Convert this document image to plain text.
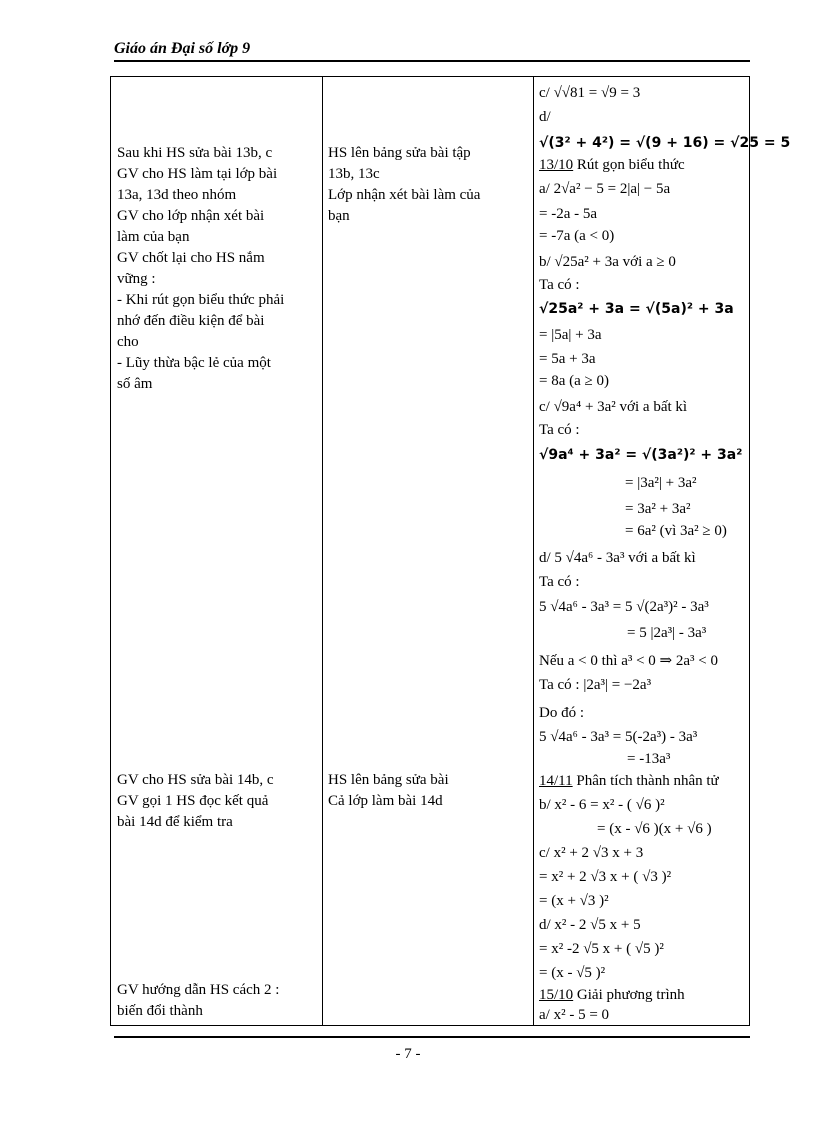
Giáo án Đại số lớp 9
Sau khi HS sửa bài 13b, c
GV cho HS làm tại lớp bài
13a, 13d theo nhóm
GV cho lớp nhận xét bài
làm của bạn
GV chốt lại cho HS nắm
vững :
- Khi rút gọn biểu thức phải
nhớ đến điều kiện để bài
cho
- Lũy thừa bậc lẻ của một
số âm
GV cho HS sửa bài 14b, c
GV gọi 1 HS đọc kết quả
bài 14d để kiểm tra
GV hướng dẫn HS cách 2 :
biến đổi thành
HS lên bảng sửa bài tập
13b, 13c
Lớp nhận xét bài làm của
bạn
HS lên bảng sửa bài
Cả lớp làm bài 14d
c/ √√81 = √9 = 3
d/
√(3² + 4²) = √(9 + 16) = √25 = 5
13/10 Rút gọn biểu thức
a/ 2√a² − 5 = 2|a| − 5a
= -2a - 5a
= -7a (a < 0)
b/ √25a² + 3a với a ≥ 0
Ta có :
√25a² + 3a = √(5a)² + 3a
= |5a| + 3a
= 5a + 3a
= 8a (a ≥ 0)
c/ √9a⁴ + 3a² với a bất kì
Ta có :
√9a⁴ + 3a² = √(3a²)² + 3a²
= |3a²| + 3a²
= 3a² + 3a²
= 6a² (vì 3a² ≥ 0)
d/ 5 √4a⁶ - 3a³ với a bất kì
Ta có :
5 √4a⁶ - 3a³ = 5 √(2a³)² - 3a³
= 5 |2a³| - 3a³
Nếu a < 0 thì a³ < 0 ⇒ 2a³ < 0
Ta có : |2a³| = −2a³
Do đó :
5 √4a⁶ - 3a³ = 5(-2a³) - 3a³
= -13a³
14/11 Phân tích thành nhân tử
b/ x² - 6 = x² - ( √6 )²
= (x - √6 )(x + √6 )
c/ x² + 2 √3 x + 3
= x² + 2 √3 x + ( √3 )²
= (x + √3 )²
d/ x² - 2 √5 x + 5
= x² -2 √5 x + ( √5 )²
= (x - √5 )²
15/10 Giải phương trình
a/ x² - 5 = 0
- 7 -
